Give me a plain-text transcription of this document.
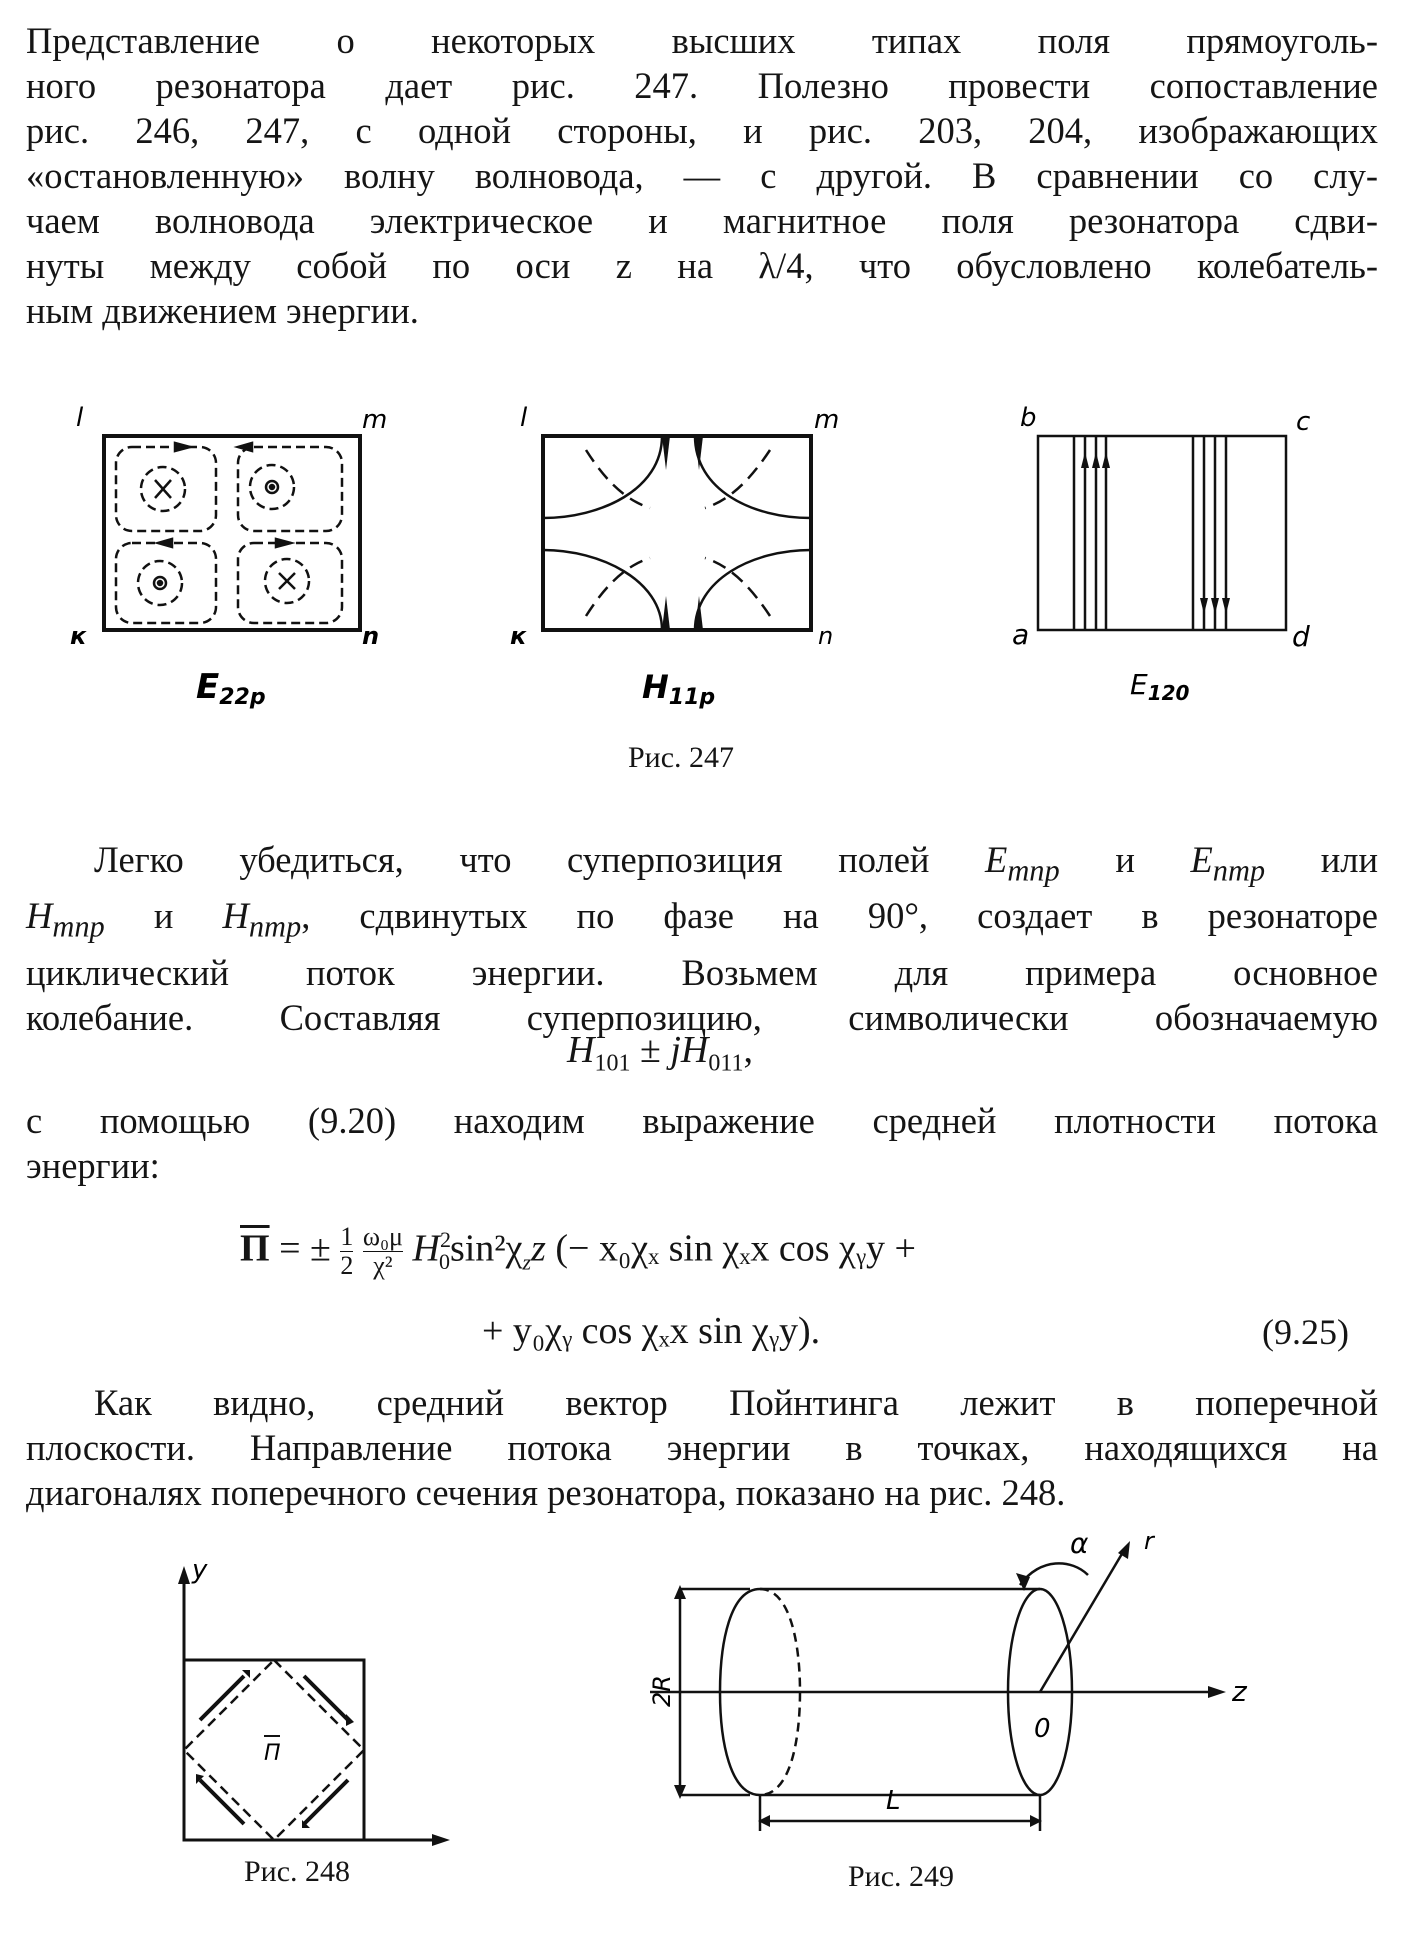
Представление о некоторых высших типах поля прямоуголь-
ного резонатора дает рис. 247. Полезно провести сопоставление
рис. 246, 247, с одной стороны, и рис. 203, 204, изображающих
«остановленную» волну волновода, — с другой. В сравнении со слу-
чаем волновода электрическое и магнитное поля резонатора сдви-
нуты между собой по оси z на λ/4, что обусловлено колебатель-
ным движением энергии.
l	m
к	n
E22p
l	m
к	n
H11p
b	c
a	d
$E_{120}$
Рис. 247
Легко убедиться, что суперпозиция полей $E_{mnp}$ и $E_{nmp}$ или
$H_{mnp}$ и $H_{nmp}$, сдвинутых по фазе на 90°, создает в резонаторе
циклический поток энергии. Возьмем для примера основное
колебание. Составляя суперпозицию, символически обозначаемую
$H_{101} \pm jH_{011}$,
с помощью (9.20) находим выражение средней плотности потока
энергии:
$\overline{\Pi}$ = ± $\frac{1}{2}$
$\frac{\text{ω₀μ}}{\text{χ²}} H^2_0\sin^2\chi_zz$ (− x₀χₓ sin χₓx cos χᵧy +
+ y₀χᵧ cos χₓx sin χᵧy).	(9.25)
Как видно, средний вектор Пойнтинга лежит в поперечной
плоскости. Направление потока энергии в точках, находящихся на
диагоналях поперечного сечения резонатора, показано на рис. 248.
y
Π
Рис. 248
α r
z
0
2R
L
Рис. 249
